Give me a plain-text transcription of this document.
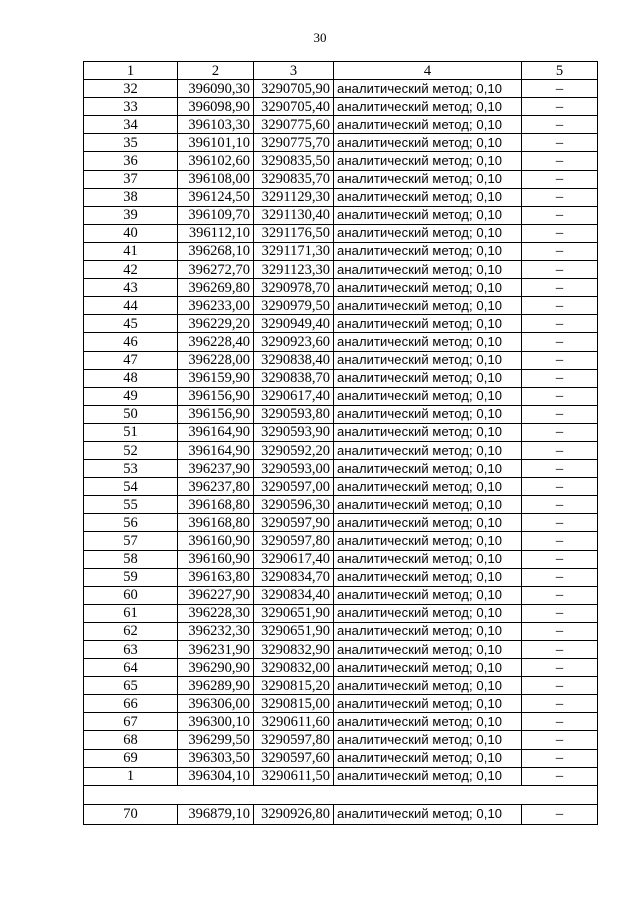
30
1	2	3	4	5
32	396090,30	3290705,90	аналитический метод; 0,10	–
33	396098,90	3290705,40	аналитический метод; 0,10	–
34	396103,30	3290775,60	аналитический метод; 0,10	–
35	396101,10	3290775,70	аналитический метод; 0,10	–
36	396102,60	3290835,50	аналитический метод; 0,10	–
37	396108,00	3290835,70	аналитический метод; 0,10	–
38	396124,50	3291129,30	аналитический метод; 0,10	–
39	396109,70	3291130,40	аналитический метод; 0,10	–
40	396112,10	3291176,50	аналитический метод; 0,10	–
41	396268,10	3291171,30	аналитический метод; 0,10	–
42	396272,70	3291123,30	аналитический метод; 0,10	–
43	396269,80	3290978,70	аналитический метод; 0,10	–
44	396233,00	3290979,50	аналитический метод; 0,10	–
45	396229,20	3290949,40	аналитический метод; 0,10	–
46	396228,40	3290923,60	аналитический метод; 0,10	–
47	396228,00	3290838,40	аналитический метод; 0,10	–
48	396159,90	3290838,70	аналитический метод; 0,10	–
49	396156,90	3290617,40	аналитический метод; 0,10	–
50	396156,90	3290593,80	аналитический метод; 0,10	–
51	396164,90	3290593,90	аналитический метод; 0,10	–
52	396164,90	3290592,20	аналитический метод; 0,10	–
53	396237,90	3290593,00	аналитический метод; 0,10	–
54	396237,80	3290597,00	аналитический метод; 0,10	–
55	396168,80	3290596,30	аналитический метод; 0,10	–
56	396168,80	3290597,90	аналитический метод; 0,10	–
57	396160,90	3290597,80	аналитический метод; 0,10	–
58	396160,90	3290617,40	аналитический метод; 0,10	–
59	396163,80	3290834,70	аналитический метод; 0,10	–
60	396227,90	3290834,40	аналитический метод; 0,10	–
61	396228,30	3290651,90	аналитический метод; 0,10	–
62	396232,30	3290651,90	аналитический метод; 0,10	–
63	396231,90	3290832,90	аналитический метод; 0,10	–
64	396290,90	3290832,00	аналитический метод; 0,10	–
65	396289,90	3290815,20	аналитический метод; 0,10	–
66	396306,00	3290815,00	аналитический метод; 0,10	–
67	396300,10	3290611,60	аналитический метод; 0,10	–
68	396299,50	3290597,80	аналитический метод; 0,10	–
69	396303,50	3290597,60	аналитический метод; 0,10	–
1	396304,10	3290611,50	аналитический метод; 0,10	–

70	396879,10	3290926,80	аналитический метод; 0,10	–
